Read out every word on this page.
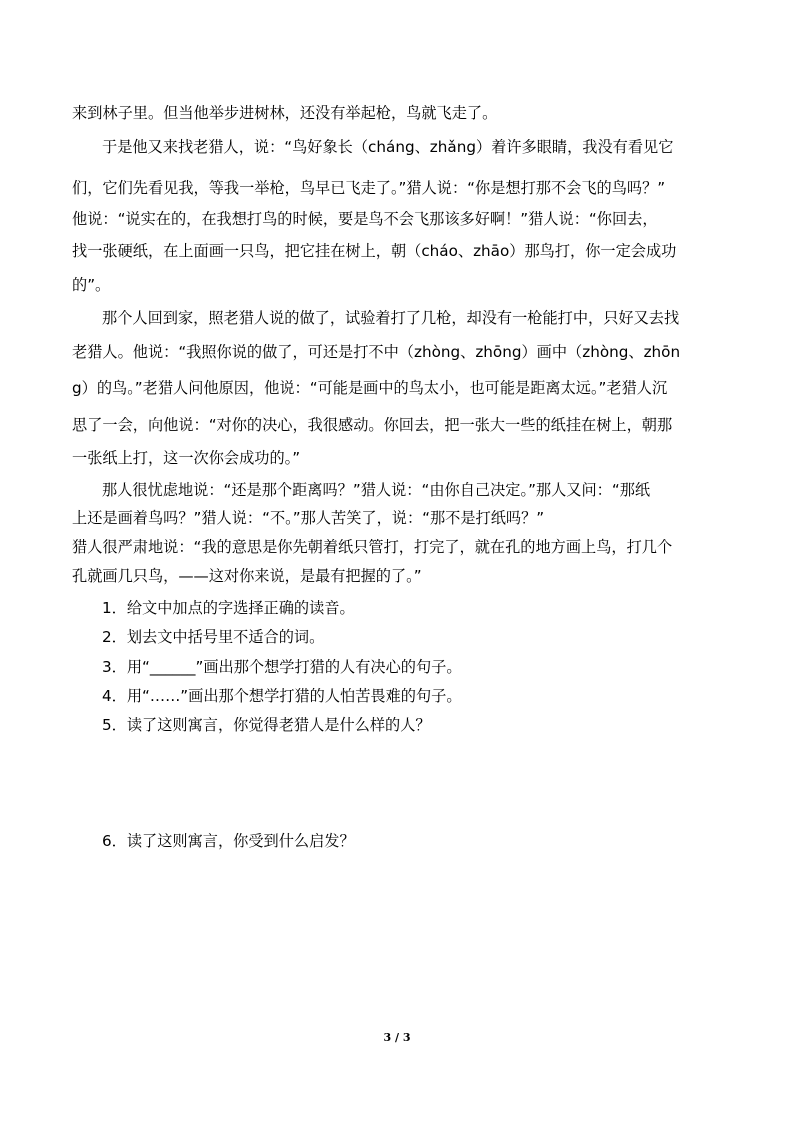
来到林子里。但当他举步进树林，还没有举起枪，鸟就飞走了。
于是他又来找老猎人，说：“鸟好象长（cháng、zhǎng）着许多眼睛，我没有看见它
们，它们先看见我，等我一举枪，鸟早已飞走了。”猎人说：“你是想打那不会飞的鸟吗？”
他说：“说实在的，在我想打鸟的时候，要是鸟不会飞那该多好啊！”猎人说：“你回去，
找一张硬纸，在上面画一只鸟，把它挂在树上，朝（cháo、zhāo）那鸟打，你一定会成功
的”。
那个人回到家，照老猎人说的做了，试验着打了几枪，却没有一枪能打中，只好又去找
老猎人。他说：“我照你说的做了，可还是打不中（zhòng、zhōng）画中（zhòng、zhōn
g）的鸟。”老猎人问他原因，他说：“可能是画中的鸟太小，也可能是距离太远。”老猎人沉
思了一会，向他说：“对你的决心，我很感动。你回去，把一张大一些的纸挂在树上，朝那
一张纸上打，这一次你会成功的。”
那人很忧虑地说：“还是那个距离吗？”猎人说：“由你自己决定。”那人又问：“那纸
上还是画着鸟吗？”猎人说：“不。”那人苦笑了，说：“那不是打纸吗？”
猎人很严肃地说：“我的意思是你先朝着纸只管打，打完了，就在孔的地方画上鸟，打几个
孔就画几只鸟，——这对你来说，是最有把握的了。”
1．给文中加点的字选择正确的读音。
2．划去文中括号里不适合的词。
3．用“______”画出那个想学打猎的人有决心的句子。
4．用“……”画出那个想学打猎的人怕苦畏难的句子。
5．读了这则寓言，你觉得老猎人是什么样的人？
6．读了这则寓言，你受到什么启发？
3 / 3
